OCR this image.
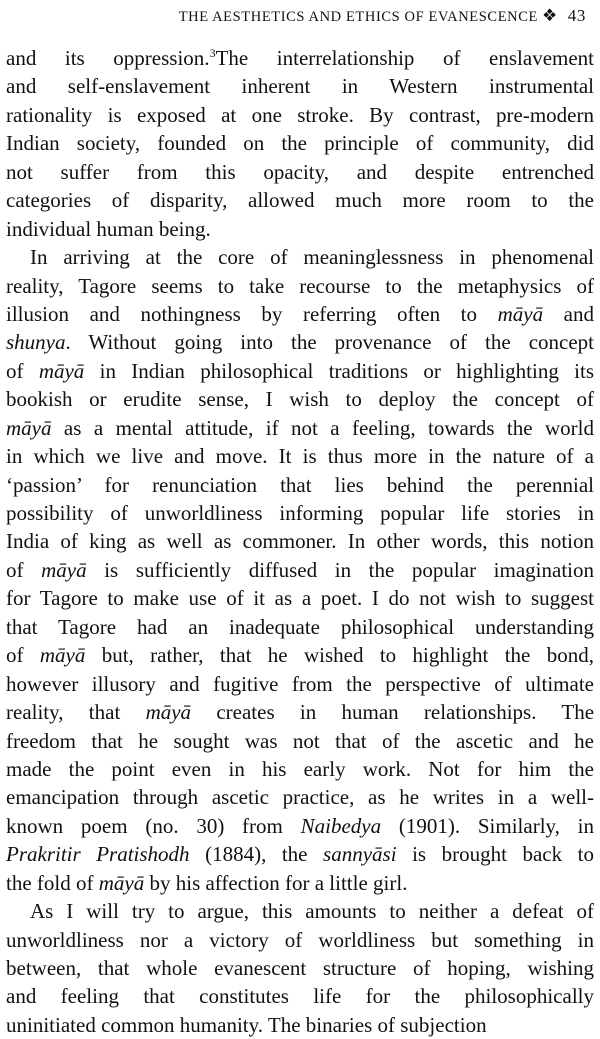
THE AESTHETICS AND ETHICS OF EVANESCENCE ❖ 43
and its oppression.$^3$The interrelationship of enslavement
and self-enslavement inherent in Western instrumental
rationality is exposed at one stroke. By contrast, pre-modern
Indian society, founded on the principle of community, did
not suffer from this opacity, and despite entrenched
categories of disparity, allowed much more room to the
individual human being.
In arriving at the core of meaninglessness in phenomenal
reality, Tagore seems to take recourse to the metaphysics of
illusion and nothingness by referring often to māyā and
shunya. Without going into the provenance of the concept
of māyā in Indian philosophical traditions or highlighting its
bookish or erudite sense, I wish to deploy the concept of
māyā as a mental attitude, if not a feeling, towards the world
in which we live and move. It is thus more in the nature of a
‘passion’ for renunciation that lies behind the perennial
possibility of unworldliness informing popular life stories in
India of king as well as commoner. In other words, this notion
of māyā is sufficiently diffused in the popular imagination
for Tagore to make use of it as a poet. I do not wish to suggest
that Tagore had an inadequate philosophical understanding
of māyā but, rather, that he wished to highlight the bond,
however illusory and fugitive from the perspective of ultimate
reality, that māyā creates in human relationships. The
freedom that he sought was not that of the ascetic and he
made the point even in his early work. Not for him the
emancipation through ascetic practice, as he writes in a well-
known poem (no. 30) from Naibedya (1901). Similarly, in
Prakritir Pratishodh (1884), the sannyāsi is brought back to
the fold of māyā by his affection for a little girl.
As I will try to argue, this amounts to neither a defeat of
unworldliness nor a victory of worldliness but something in
between, that whole evanescent structure of hoping, wishing
and feeling that constitutes life for the philosophically
uninitiated common humanity. The binaries of subjection
